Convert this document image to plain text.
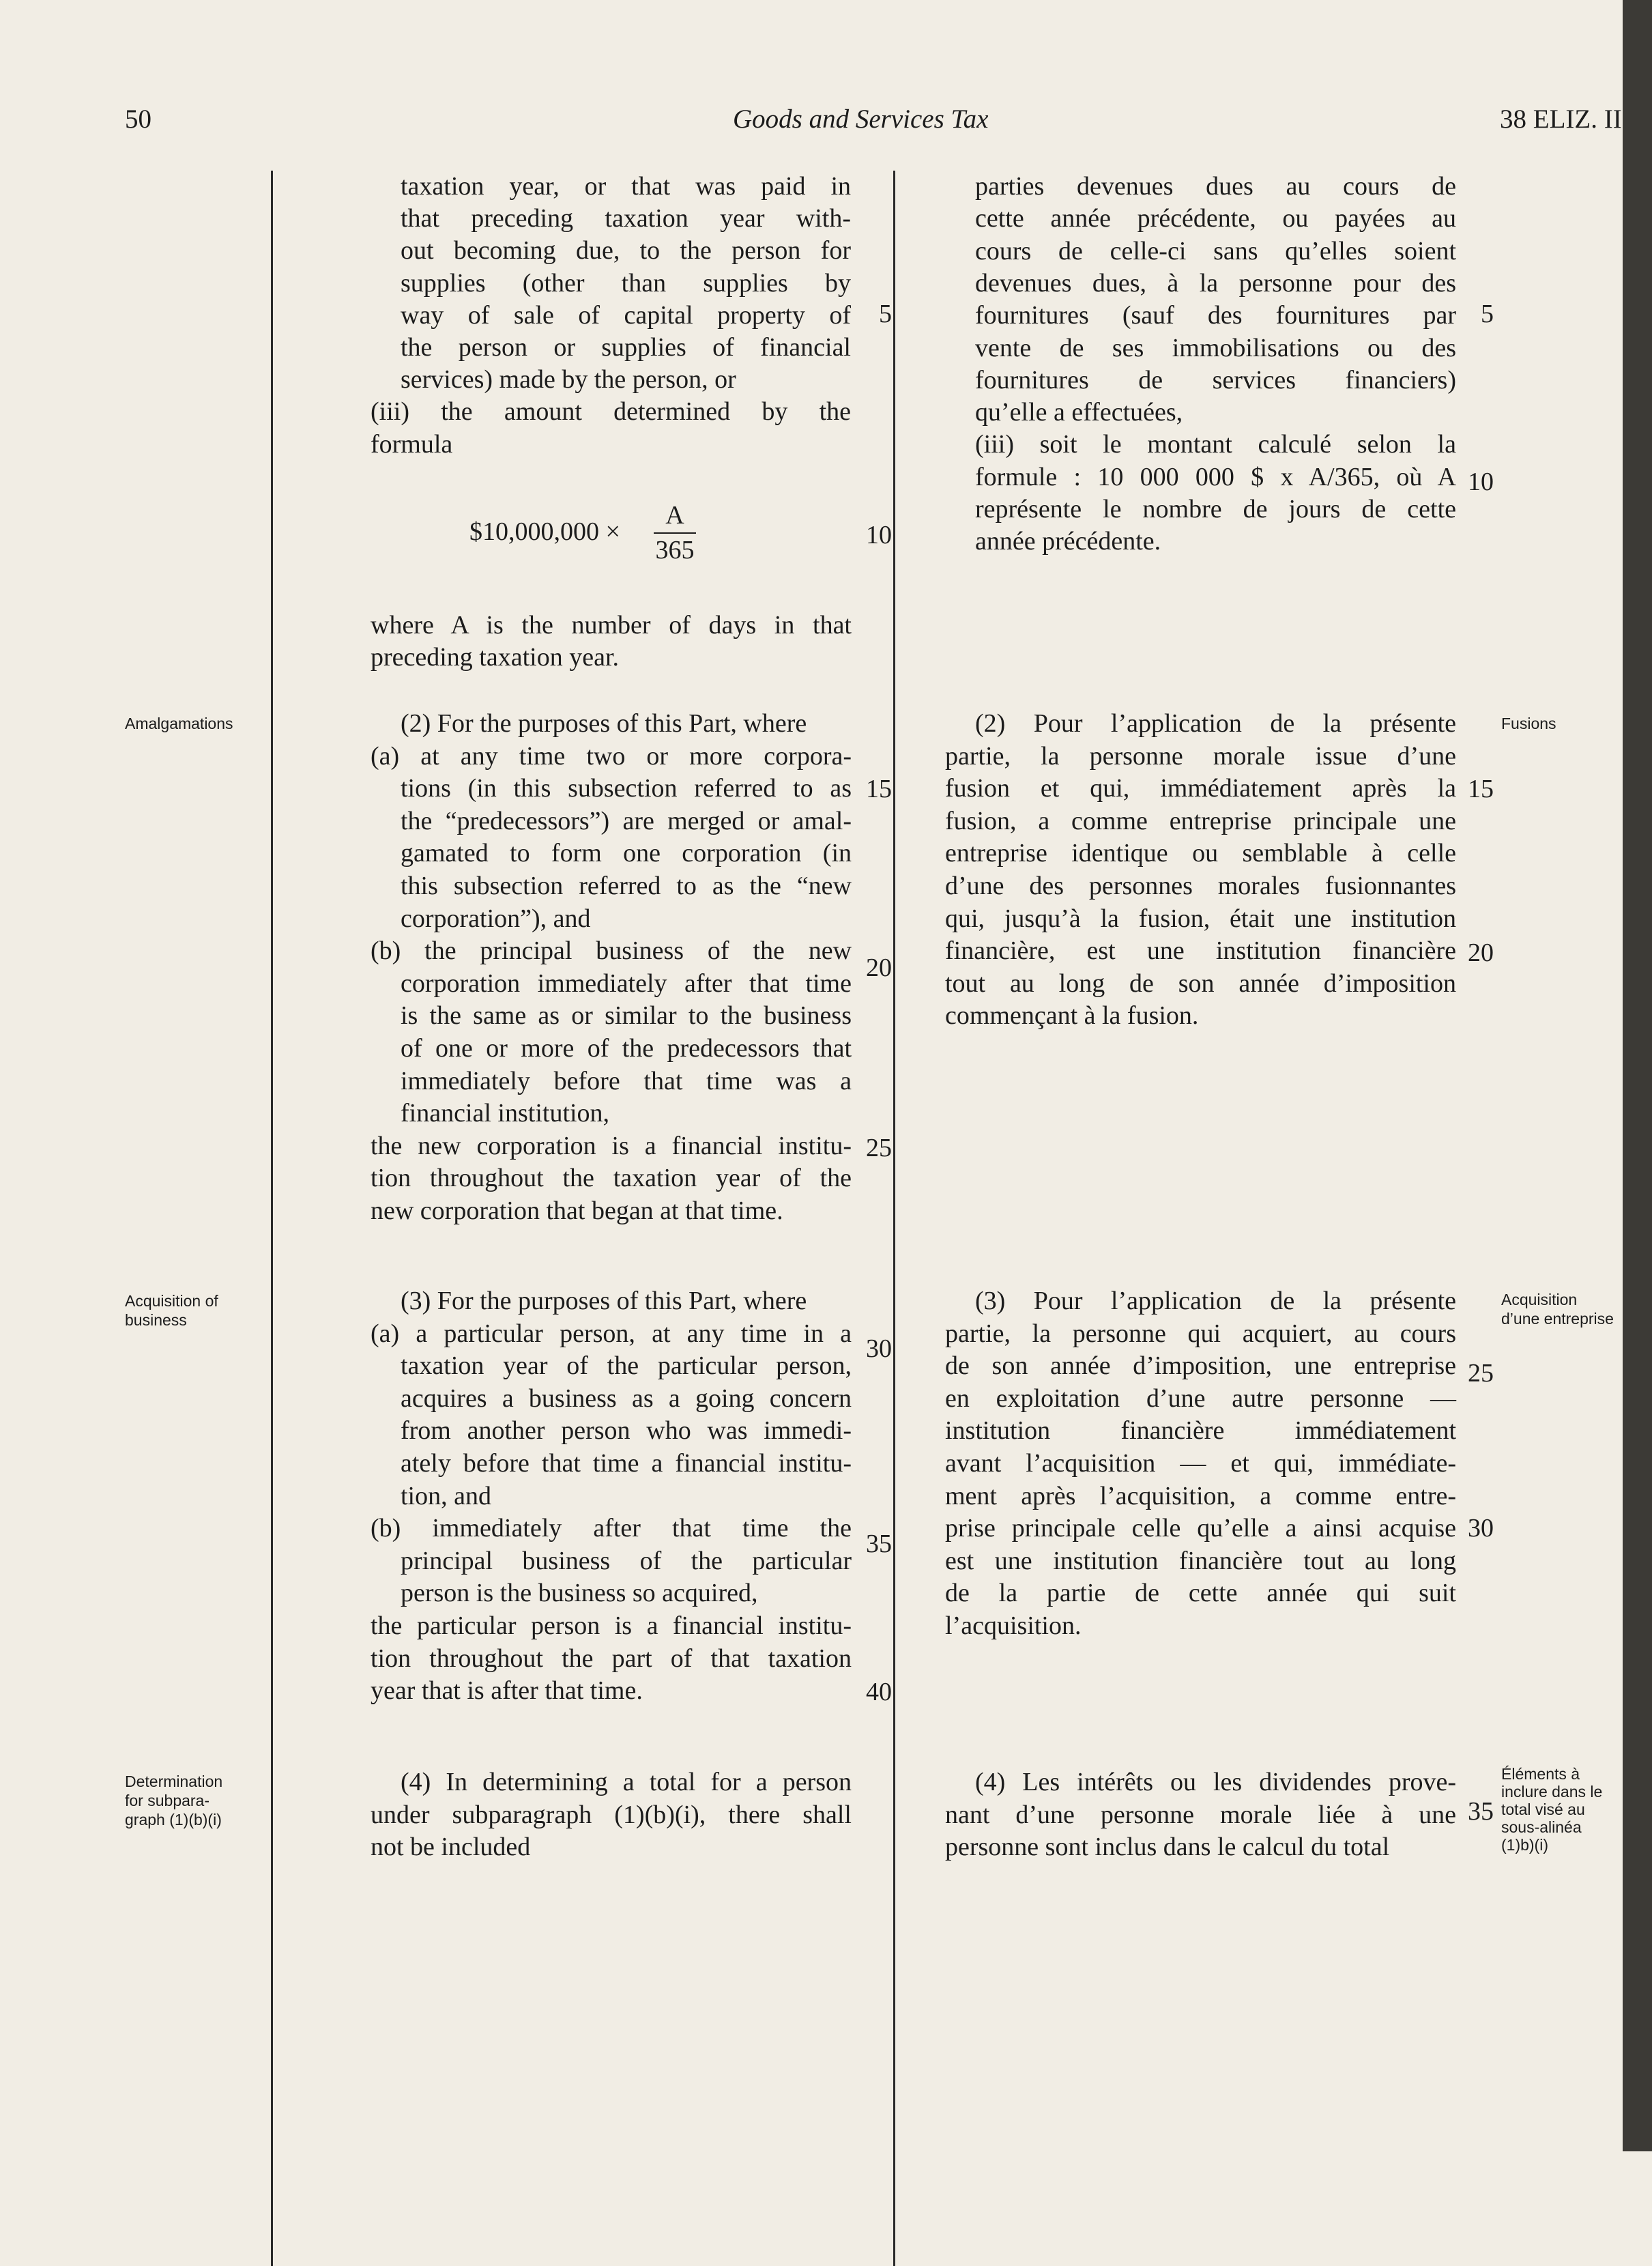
50	Goods and Services Tax	38 ELIZ. II
taxation year, or that was paid in
that preceding taxation year with-
out becoming due, to the person for
supplies (other than supplies by
way of sale of capital property of
the person or supplies of financial
services) made by the person, or
(iii) the amount determined by the
formula
$10,000,000 ×
A
365
where A is the number of days in that
preceding taxation year.
(2) For the purposes of this Part, where
(a) at any time two or more corpora-
tions (in this subsection referred to as
the “predecessors”) are merged or amal-
gamated to form one corporation (in
this subsection referred to as the “new
corporation”), and
(b) the principal business of the new
corporation immediately after that time
is the same as or similar to the business
of one or more of the predecessors that
immediately before that time was a
financial institution,
the new corporation is a financial institu-
tion throughout the taxation year of the
new corporation that began at that time.
(3) For the purposes of this Part, where
(a) a particular person, at any time in a
taxation year of the particular person,
acquires a business as a going concern
from another person who was immedi-
ately before that time a financial institu-
tion, and
(b) immediately after that time the
principal business of the particular
person is the business so acquired,
the particular person is a financial institu-
tion throughout the part of that taxation
year that is after that time.
(4) In determining a total for a person
under subparagraph (1)(b)(i), there shall
not be included
parties devenues dues au cours de
cette année précédente, ou payées au
cours de celle-ci sans qu’elles soient
devenues dues, à la personne pour des
fournitures (sauf des fournitures par
vente de ses immobilisations ou des
fournitures de services financiers)
qu’elle a effectuées,
(iii) soit le montant calculé selon la
formule : 10 000 000 $ x A/365, où A
représente le nombre de jours de cette
année précédente.
(2) Pour l’application de la présente
partie, la personne morale issue d’une
fusion et qui, immédiatement après la
fusion, a comme entreprise principale une
entreprise identique ou semblable à celle
d’une des personnes morales fusionnantes
qui, jusqu’à la fusion, était une institution
financière, est une institution financière
tout au long de son année d’imposition
commençant à la fusion.
(3) Pour l’application de la présente
partie, la personne qui acquiert, au cours
de son année d’imposition, une entreprise
en exploitation d’une autre personne —
institution financière immédiatement
avant l’acquisition — et qui, immédiate-
ment après l’acquisition, a comme entre-
prise principale celle qu’elle a ainsi acquise
est une institution financière tout au long
de la partie de cette année qui suit
l’acquisition.
(4) Les intérêts ou les dividendes prove-
nant d’une personne morale liée à une
personne sont inclus dans le calcul du total
5
10
15
20
25
30
35
40
5
10
15
20
25
30
35
Amalgamations
Acquisition of
business
Determination
for subpara-
graph (1)(b)(i)
Fusions
Acquisition
d’une entreprise
Éléments à
inclure dans le
total visé au
sous-alinéa
(1)b)(i)
